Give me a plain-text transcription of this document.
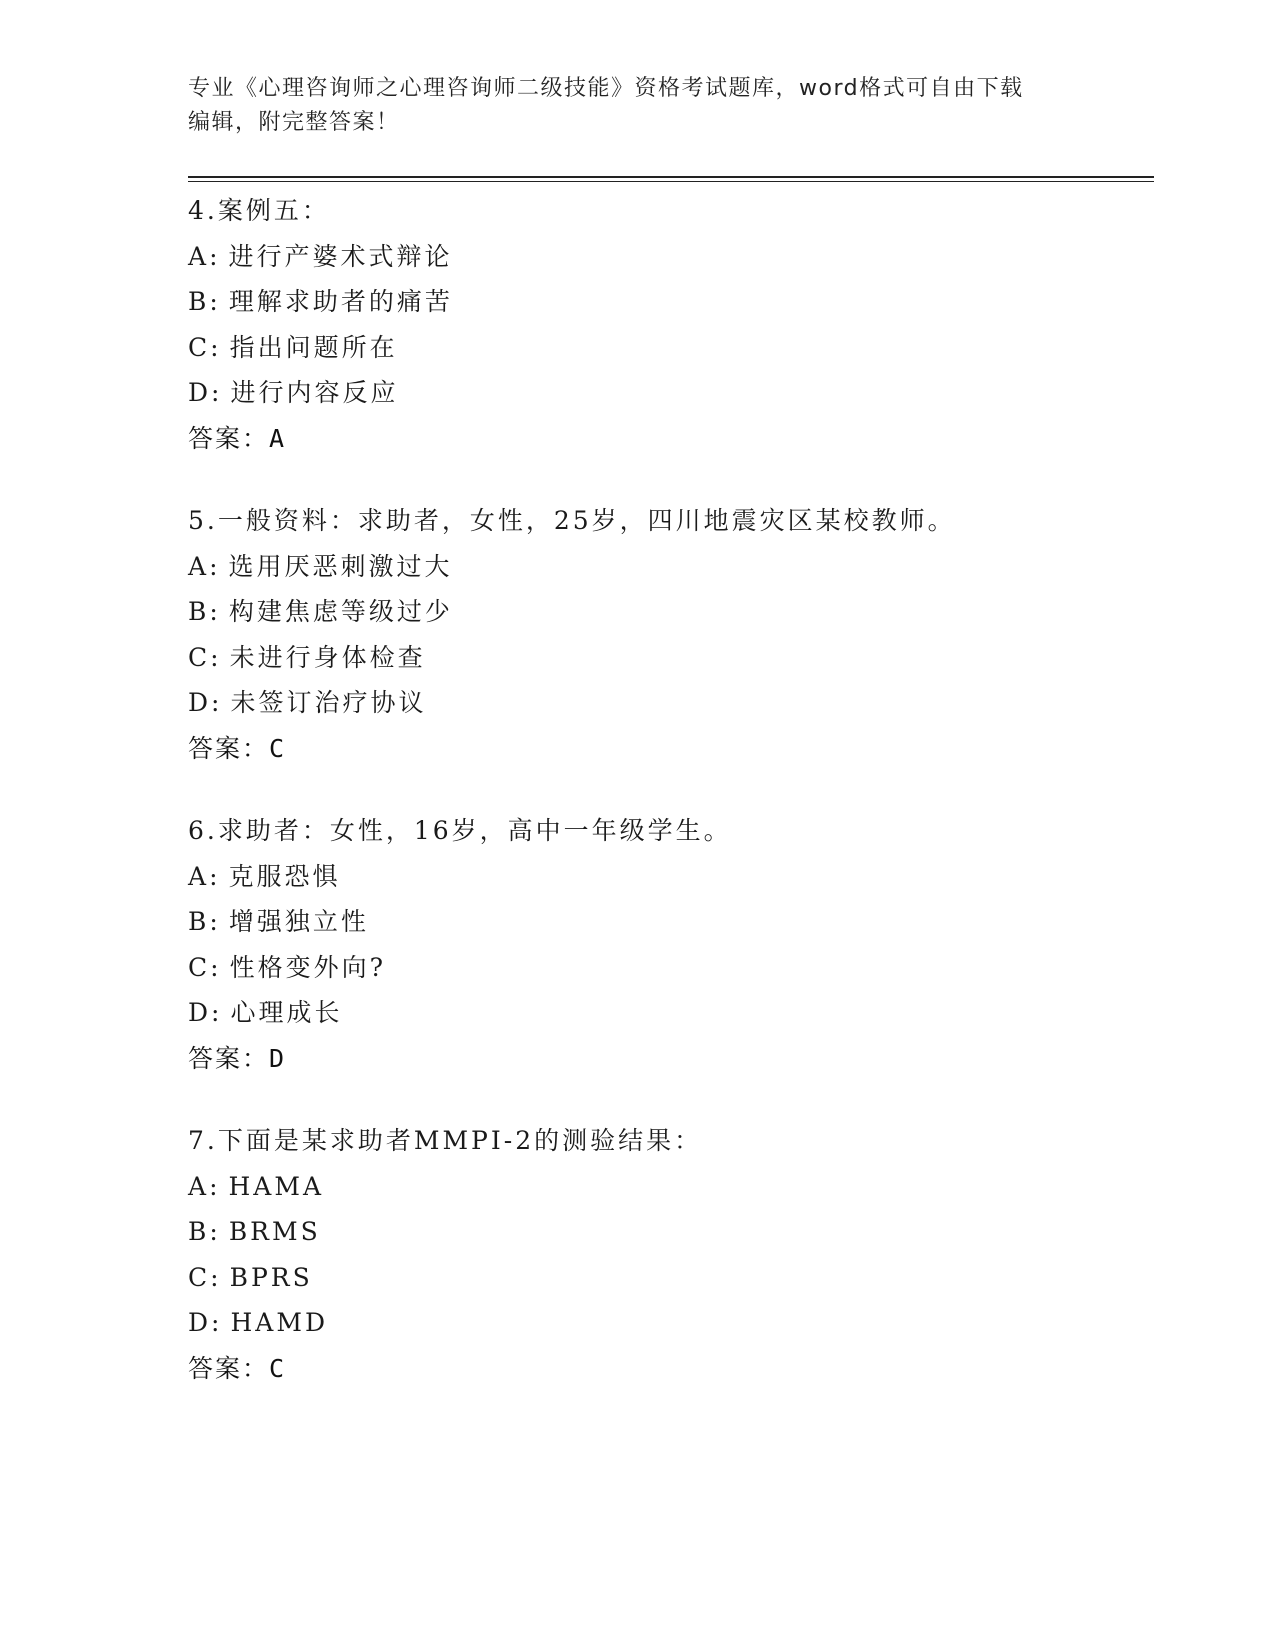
专业《心理咨询师之心理咨询师二级技能》资格考试题库，word格式可自由下载
编辑，附完整答案！
4.案例五：
A: 进行产婆术式辩论
B: 理解求助者的痛苦
C: 指出问题所在
D: 进行内容反应
答案：A
5.一般资料：求助者，女性，25岁，四川地震灾区某校教师。
A: 选用厌恶刺激过大
B: 构建焦虑等级过少
C: 未进行身体检查
D: 未签订治疗协议
答案：C
6.求助者：女性，16岁，高中一年级学生。
A: 克服恐惧
B: 增强独立性
C: 性格变外向?
D: 心理成长
答案：D
7.下面是某求助者MMPI-2的测验结果：
A: HAMA
B: BRMS
C: BPRS
D: HAMD
答案：C
